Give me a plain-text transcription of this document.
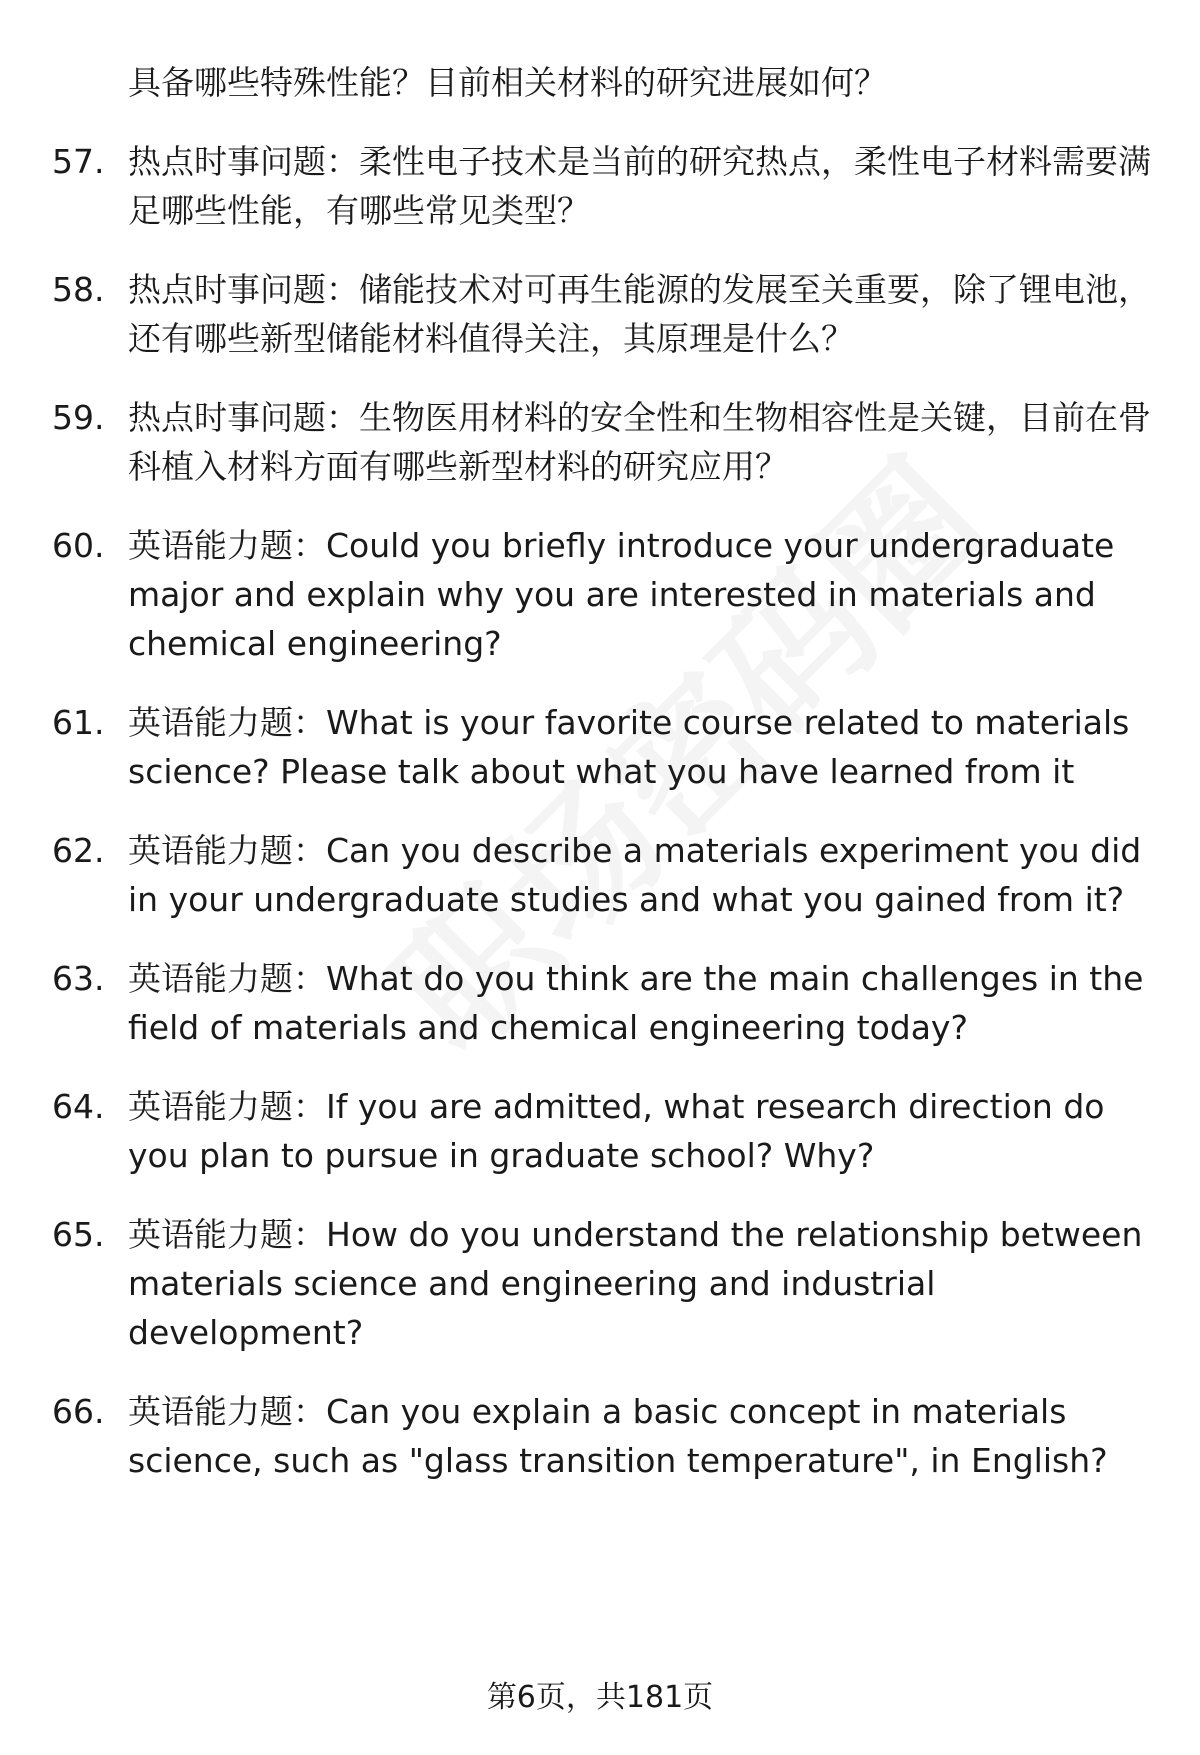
具备哪些特殊性能？目前相关材料的研究进展如何？
57. 热点时事问题：柔性电子技术是当前的研究热点，柔性电子材料需要满足哪些性能，有哪些常见类型？
58. 热点时事问题：储能技术对可再生能源的发展至关重要，除了锂电池，还有哪些新型储能材料值得关注，其原理是什么？
59. 热点时事问题：生物医用材料的安全性和生物相容性是关键，目前在骨科植入材料方面有哪些新型材料的研究应用？
60. 英语能力题：Could you briefly introduce your undergraduate major and explain why you are interested in materials and chemical engineering?
61. 英语能力题：What is your favorite course related to materials science? Please talk about what you have learned from it
62. 英语能力题：Can you describe a materials experiment you did in your undergraduate studies and what you gained from it?
63. 英语能力题：What do you think are the main challenges in the field of materials and chemical engineering today?
64. 英语能力题：If you are admitted, what research direction do you plan to pursue in graduate school? Why?
65. 英语能力题：How do you understand the relationship between materials science and engineering and industrial development?
66. 英语能力题：Can you explain a basic concept in materials science, such as "glass transition temperature", in English?
第6页，共181页
